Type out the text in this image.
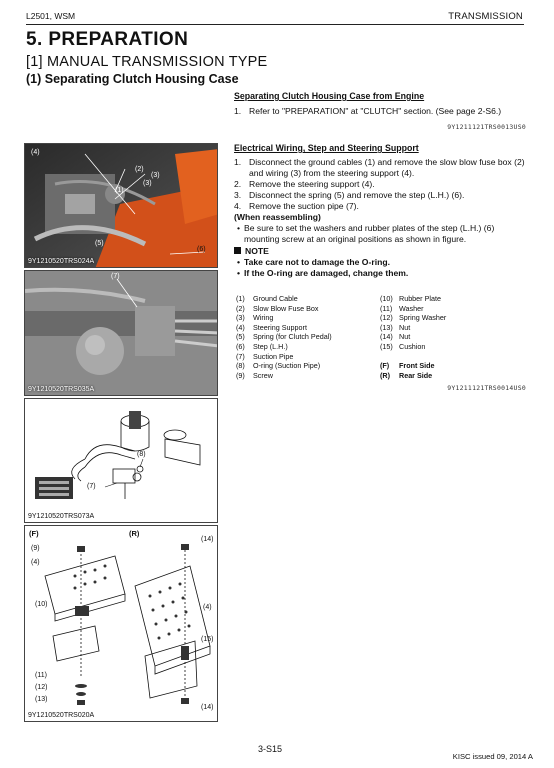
L2501, WSM	TRANSMISSION
5. PREPARATION
[1] MANUAL TRANSMISSION TYPE
(1) Separating Clutch Housing Case
Separating Clutch Housing Case from Engine
1. Refer to "PREPARATION" at "CLUTCH" section. (See page 2-S6.)
9Y1211121TRS0013US0
Electrical Wiring, Step and Steering Support
1. Disconnect the ground cables (1) and remove the slow blow fuse box (2) and wiring (3) from the steering support (4).
2. Remove the steering support (4).
3. Disconnect the spring (5) and remove the step (L.H.) (6).
4. Remove the suction pipe (7).
(When reassembling)
• Be sure to set the washers and rubber plates of the step (L.H.) (6) mounting screw at an original positions as shown in figure.
NOTE
• Take care not to damage the O-ring.
• If the O-ring are damaged, change them.
(1) Ground Cable	(10) Rubber Plate
(2) Slow Blow Fuse Box	(11) Washer
(3) Wiring	(12) Spring Washer
(4) Steering Support	(13) Nut
(5) Spring (for Clutch Pedal)	(14) Nut
(6) Step (L.H.)	(15) Cushion
(7) Suction Pipe
(8) O-ring (Suction Pipe)	(F) Front Side
(9) Screw	(R) Rear Side
9Y1211121TRS0014US0
(4)
(2)
(1)
(3)
(3)
(5)
(6)
9Y1210520TRS024A
(7)
9Y1210520TRS035A
(8)
(7)
9Y1210520TRS073A
(F)	(R)
(9)
(4)
(10)
(11)
(12)
(13)
(14)
(4)
(15)
(14)
9Y1210520TRS020A
3-S15
KISC issued 09, 2014 A
